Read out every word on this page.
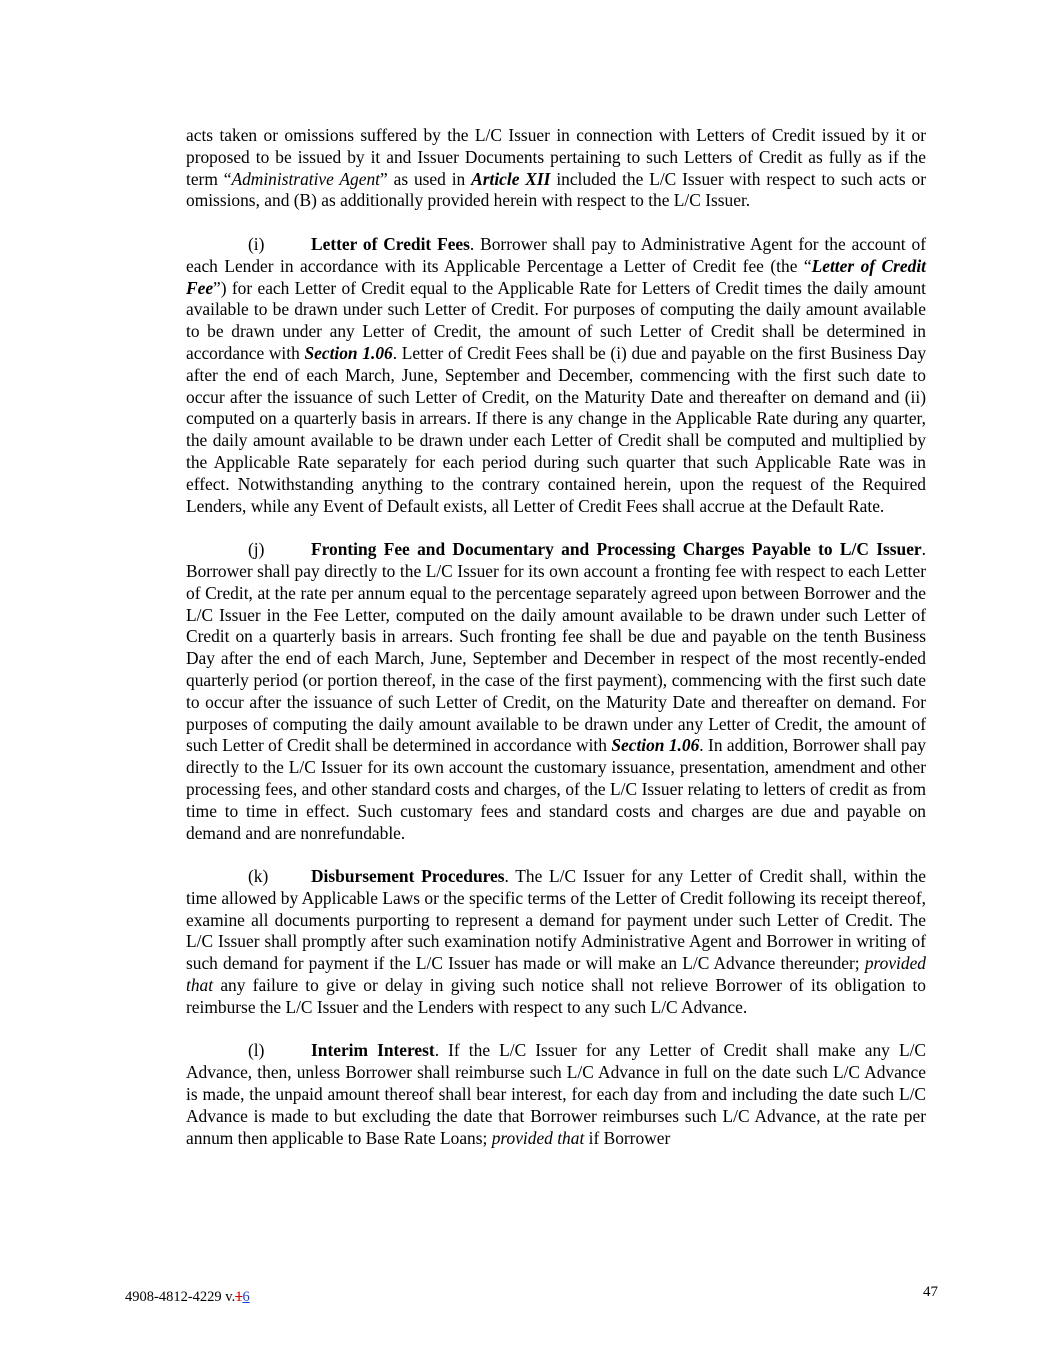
acts taken or omissions suffered by the L/C Issuer in connection with Letters of Credit issued by it or proposed to be issued by it and Issuer Documents pertaining to such Letters of Credit as fully as if the term “Administrative Agent” as used in Article XII included the L/C Issuer with respect to such acts or omissions, and (B) as additionally provided herein with respect to the L/C Issuer.

(i)	Letter of Credit Fees. Borrower shall pay to Administrative Agent for the account of each Lender in accordance with its Applicable Percentage a Letter of Credit fee (the “Letter of Credit Fee”) for each Letter of Credit equal to the Applicable Rate for Letters of Credit times the daily amount available to be drawn under such Letter of Credit. For purposes of computing the daily amount available to be drawn under any Letter of Credit, the amount of such Letter of Credit shall be determined in accordance with Section 1.06. Letter of Credit Fees shall be (i) due and payable on the first Business Day after the end of each March, June, September and December, commencing with the first such date to occur after the issuance of such Letter of Credit, on the Maturity Date and thereafter on demand and (ii) computed on a quarterly basis in arrears. If there is any change in the Applicable Rate during any quarter, the daily amount available to be drawn under each Letter of Credit shall be computed and multiplied by the Applicable Rate separately for each period during such quarter that such Applicable Rate was in effect. Notwithstanding anything to the contrary contained herein, upon the request of the Required Lenders, while any Event of Default exists, all Letter of Credit Fees shall accrue at the Default Rate.

(j)	Fronting Fee and Documentary and Processing Charges Payable to L/C Issuer. Borrower shall pay directly to the L/C Issuer for its own account a fronting fee with respect to each Letter of Credit, at the rate per annum equal to the percentage separately agreed upon between Borrower and the L/C Issuer in the Fee Letter, computed on the daily amount available to be drawn under such Letter of Credit on a quarterly basis in arrears. Such fronting fee shall be due and payable on the tenth Business Day after the end of each March, June, September and December in respect of the most recently-ended quarterly period (or portion thereof, in the case of the first payment), commencing with the first such date to occur after the issuance of such Letter of Credit, on the Maturity Date and thereafter on demand. For purposes of computing the daily amount available to be drawn under any Letter of Credit, the amount of such Letter of Credit shall be determined in accordance with Section 1.06. In addition, Borrower shall pay directly to the L/C Issuer for its own account the customary issuance, presentation, amendment and other processing fees, and other standard costs and charges, of the L/C Issuer relating to letters of credit as from time to time in effect. Such customary fees and standard costs and charges are due and payable on demand and are nonrefundable.

(k) Disbursement Procedures. The L/C Issuer for any Letter of Credit shall, within the time allowed by Applicable Laws or the specific terms of the Letter of Credit following its receipt thereof, examine all documents purporting to represent a demand for payment under such Letter of Credit. The L/C Issuer shall promptly after such examination notify Administrative Agent and Borrower in writing of such demand for payment if the L/C Issuer has made or will make an L/C Advance thereunder; provided that any failure to give or delay in giving such notice shall not relieve Borrower of its obligation to reimburse the L/C Issuer and the Lenders with respect to any such L/C Advance.

(l)	Interim Interest. If the L/C Issuer for any Letter of Credit shall make any L/C Advance, then, unless Borrower shall reimburse such L/C Advance in full on the date such L/C Advance is made, the unpaid amount thereof shall bear interest, for each day from and including the date such L/C Advance is made to but excluding the date that Borrower reimburses such L/C Advance, at the rate per annum then applicable to Base Rate Loans; provided that if Borrower

4908-4812-4229 v.16	47
